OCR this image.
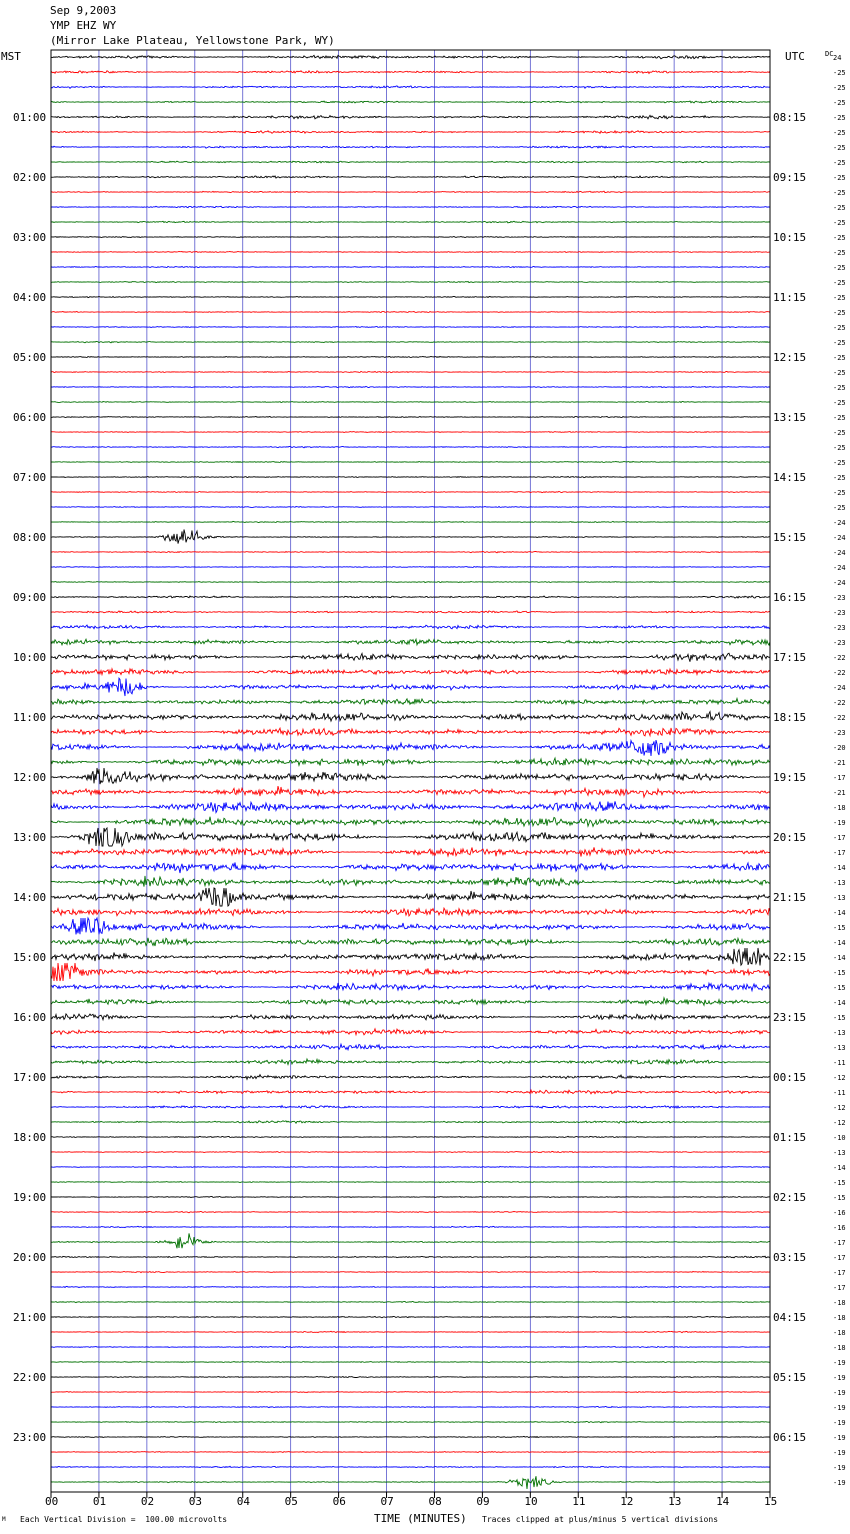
Sep 9,2003
YMP EHZ WY
(Mirror Lake Plateau, Yellowstone Park, WY)
00	01	02	03	04	05	06	07	08	09	10	11	12	13	14	15
24
-25
-25
-25
-25
-25
-25
-25
-25
-25
-25
-25
-25
-25
-25
-25
-25
-25
-25
-25
-25
-25
-25
-25
-25
-25
-25
-25
-25
-25
-25
-24
-24
-24
-24
-24
-23
-23
-23
-23
-22
-22
-24
-22
-22
-23
-20
-21
-17
-21
-18
-19
-17
-17
-14
-13
-13
-14
-15
-14
-14
-15
-15
-14
-15
-13
-13
-11
-12
-11
-12
-12
-10
-13
-14
-15
-15
-16
-16
-17
-17
-17
-17
-18
-18
-18
-18
-19
-19
-19
-19
-19
-19
-19
-19
-19
01:00	08:15
02:00	09:15
03:00	10:15
04:00	11:15
05:00	12:15
06:00	13:15
07:00	14:15
08:00	15:15
09:00	16:15
10:00	17:15
11:00	18:15
12:00	19:15
13:00	20:15
14:00	21:15
15:00	22:15
16:00	23:15
17:00	00:15
18:00	01:15
19:00	02:15
20:00	03:15
21:00	04:15
22:00	05:15
23:00	06:15
MST	UTC	DC
TIME (MINUTES)
M Each Vertical Division =  100.00 microvolts	Traces clipped at plus/minus 5 vertical divisions
